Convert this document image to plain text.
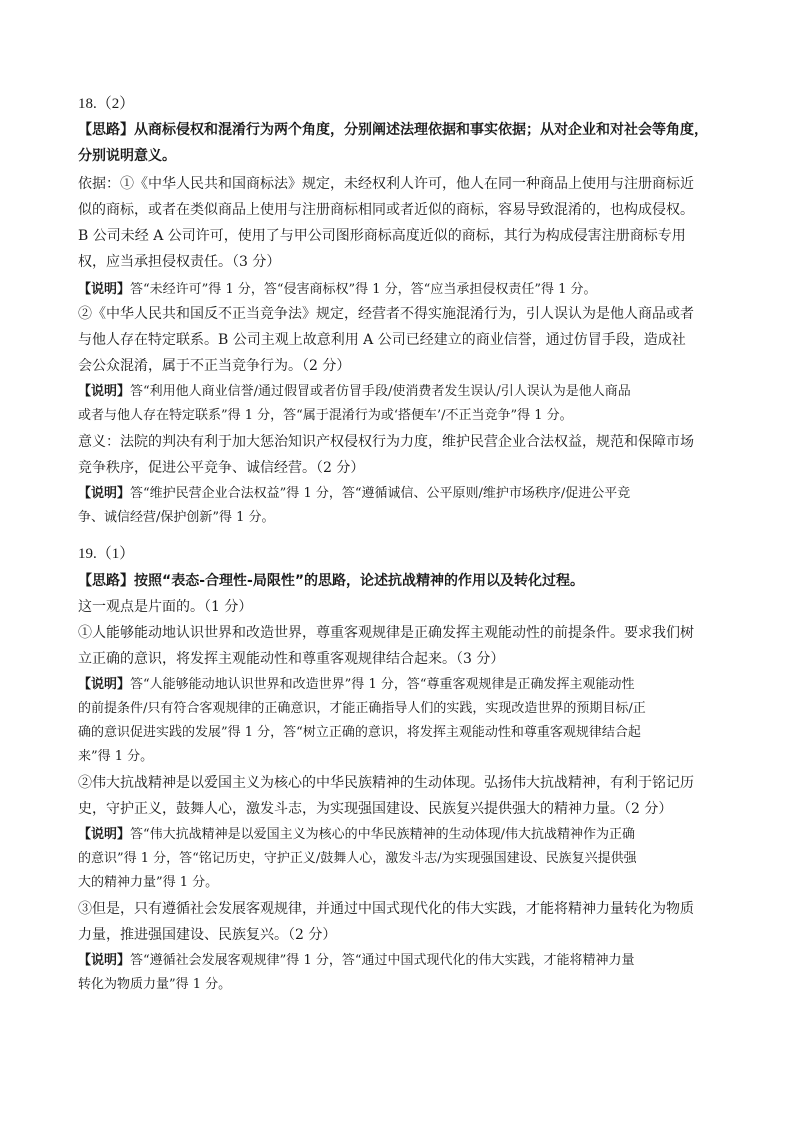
18.（2）

【思路】从商标侵权和混淆行为两个角度，分别阐述法理依据和事实依据；从对企业和对社会等角度，

分别说明意义。

依据：①《中华人民共和国商标法》规定，未经权利人许可，他人在同一种商品上使用与注册商标近

似的商标，或者在类似商品上使用与注册商标相同或者近似的商标，容易导致混淆的，也构成侵权。

B 公司未经 A 公司许可，使用了与甲公司图形商标高度近似的商标，其行为构成侵害注册商标专用

权，应当承担侵权责任。（3 分）

【说明】答“未经许可”得 1 分，答“侵害商标权”得 1 分，答“应当承担侵权责任”得 1 分。

②《中华人民共和国反不正当竞争法》规定，经营者不得实施混淆行为，引人误认为是他人商品或者

与他人存在特定联系。B 公司主观上故意利用 A 公司已经建立的商业信誉，通过仿冒手段，造成社

会公众混淆，属于不正当竞争行为。（2 分）

【说明】答“利用他人商业信誉/通过假冒或者仿冒手段/使消费者发生误认/引人误认为是他人商品

或者与他人存在特定联系”得 1 分，答“属于混淆行为或‘搭便车’/不正当竞争”得 1 分。

意义：法院的判决有利于加大惩治知识产权侵权行为力度，维护民营企业合法权益，规范和保障市场

竞争秩序，促进公平竞争、诚信经营。（2 分）

【说明】答“维护民营企业合法权益”得 1 分，答“遵循诚信、公平原则/维护市场秩序/促进公平竞

争、诚信经营/保护创新”得 1 分。

19.（1）

【思路】按照“表态-合理性-局限性”的思路，论述抗战精神的作用以及转化过程。

这一观点是片面的。（1 分）

①人能够能动地认识世界和改造世界，尊重客观规律是正确发挥主观能动性的前提条件。要求我们树

立正确的意识，将发挥主观能动性和尊重客观规律结合起来。（3 分）

【说明】答“人能够能动地认识世界和改造世界”得 1 分，答“尊重客观规律是正确发挥主观能动性

的前提条件/只有符合客观规律的正确意识，才能正确指导人们的实践，实现改造世界的预期目标/正

确的意识促进实践的发展”得 1 分，答“树立正确的意识，将发挥主观能动性和尊重客观规律结合起

来”得 1 分。

②伟大抗战精神是以爱国主义为核心的中华民族精神的生动体现。弘扬伟大抗战精神，有利于铭记历

史，守护正义，鼓舞人心，激发斗志，为实现强国建设、民族复兴提供强大的精神力量。（2 分）

【说明】答“伟大抗战精神是以爱国主义为核心的中华民族精神的生动体现/伟大抗战精神作为正确

的意识”得 1 分，答“铭记历史，守护正义/鼓舞人心，激发斗志/为实现强国建设、民族复兴提供强

大的精神力量”得 1 分。

③但是，只有遵循社会发展客观规律，并通过中国式现代化的伟大实践，才能将精神力量转化为物质

力量，推进强国建设、民族复兴。（2 分）

【说明】答“遵循社会发展客观规律”得 1 分，答“通过中国式现代化的伟大实践，才能将精神力量

转化为物质力量”得 1 分。
